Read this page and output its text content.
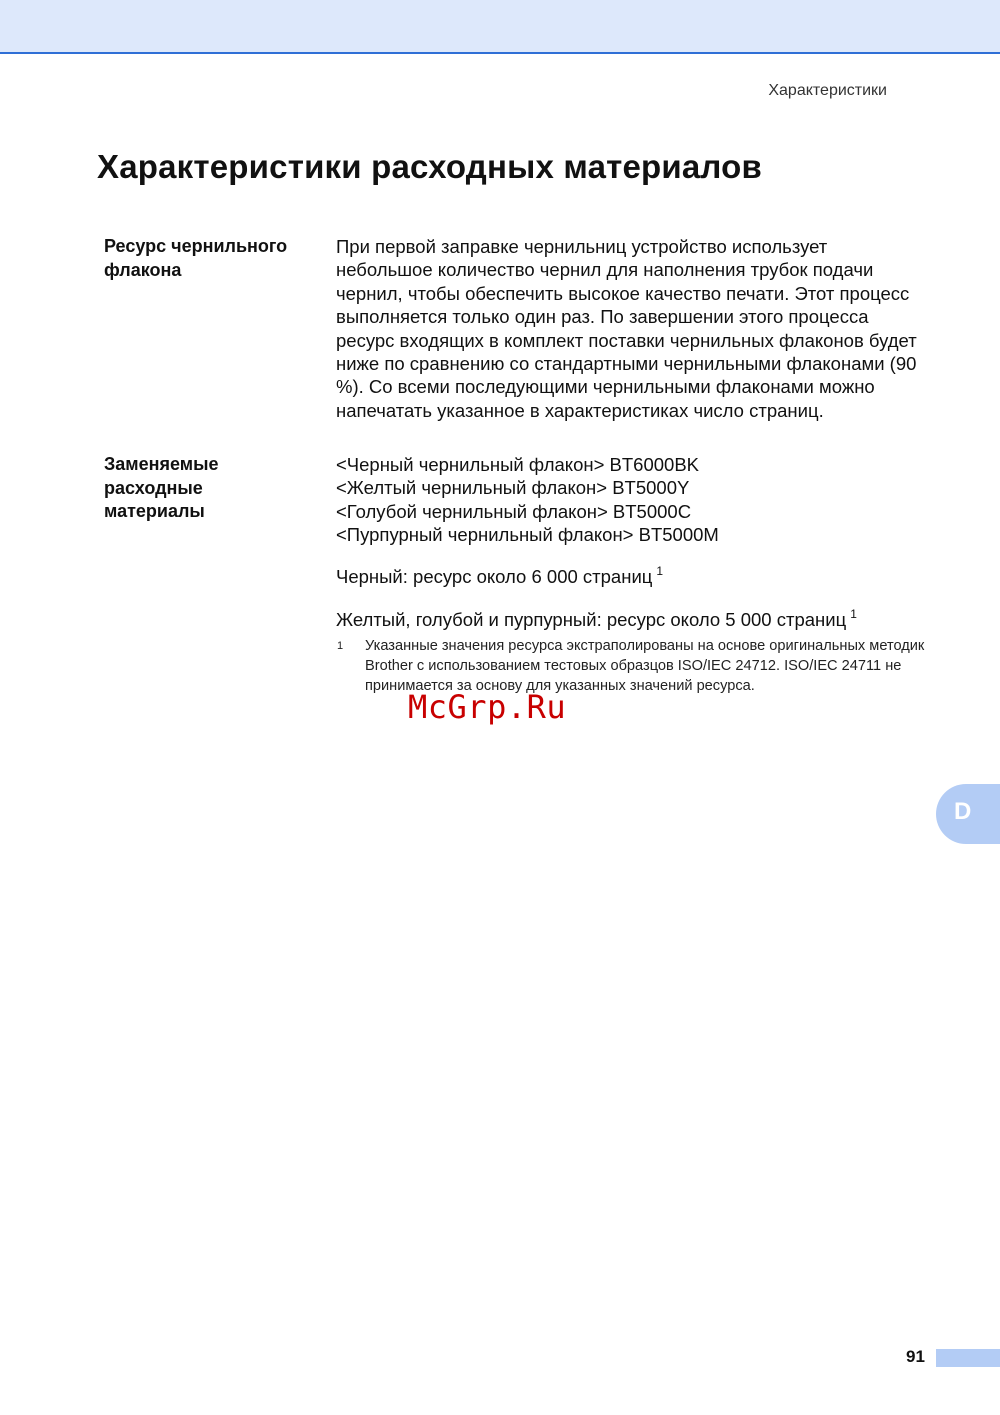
Характеристики
Характеристики расходных материалов
Ресурс чернильного флакона

При первой заправке чернильниц устройство использует небольшое количество чернил для наполнения трубок подачи чернил, чтобы обеспечить высокое качество печати. Этот процесс выполняется только один раз. По завершении этого процесса ресурс входящих в комплект поставки чернильных флаконов будет ниже по сравнению со стандартными чернильными флаконами (90 %). Со всеми последующими чернильными флаконами можно напечатать указанное в характеристиках число страниц.

Заменяемые расходные материалы
<Черный чернильный флакон> BT6000BK
<Желтый чернильный флакон> BT5000Y
<Голубой чернильный флакон> BT5000C
<Пурпурный чернильный флакон> BT5000M

Черный: ресурс около 6 000 страниц $^1$

Желтый, голубой и пурпурный: ресурс около 5 000 страниц $^1$

1 Указанные значения ресурса экстраполированы на основе оригинальных методик Brother с использованием тестовых образцов ISO/IEC 24712. ISO/IEC 24711 не принимается за основу для указанных значений ресурса.
McGrp.Ru
D
91
